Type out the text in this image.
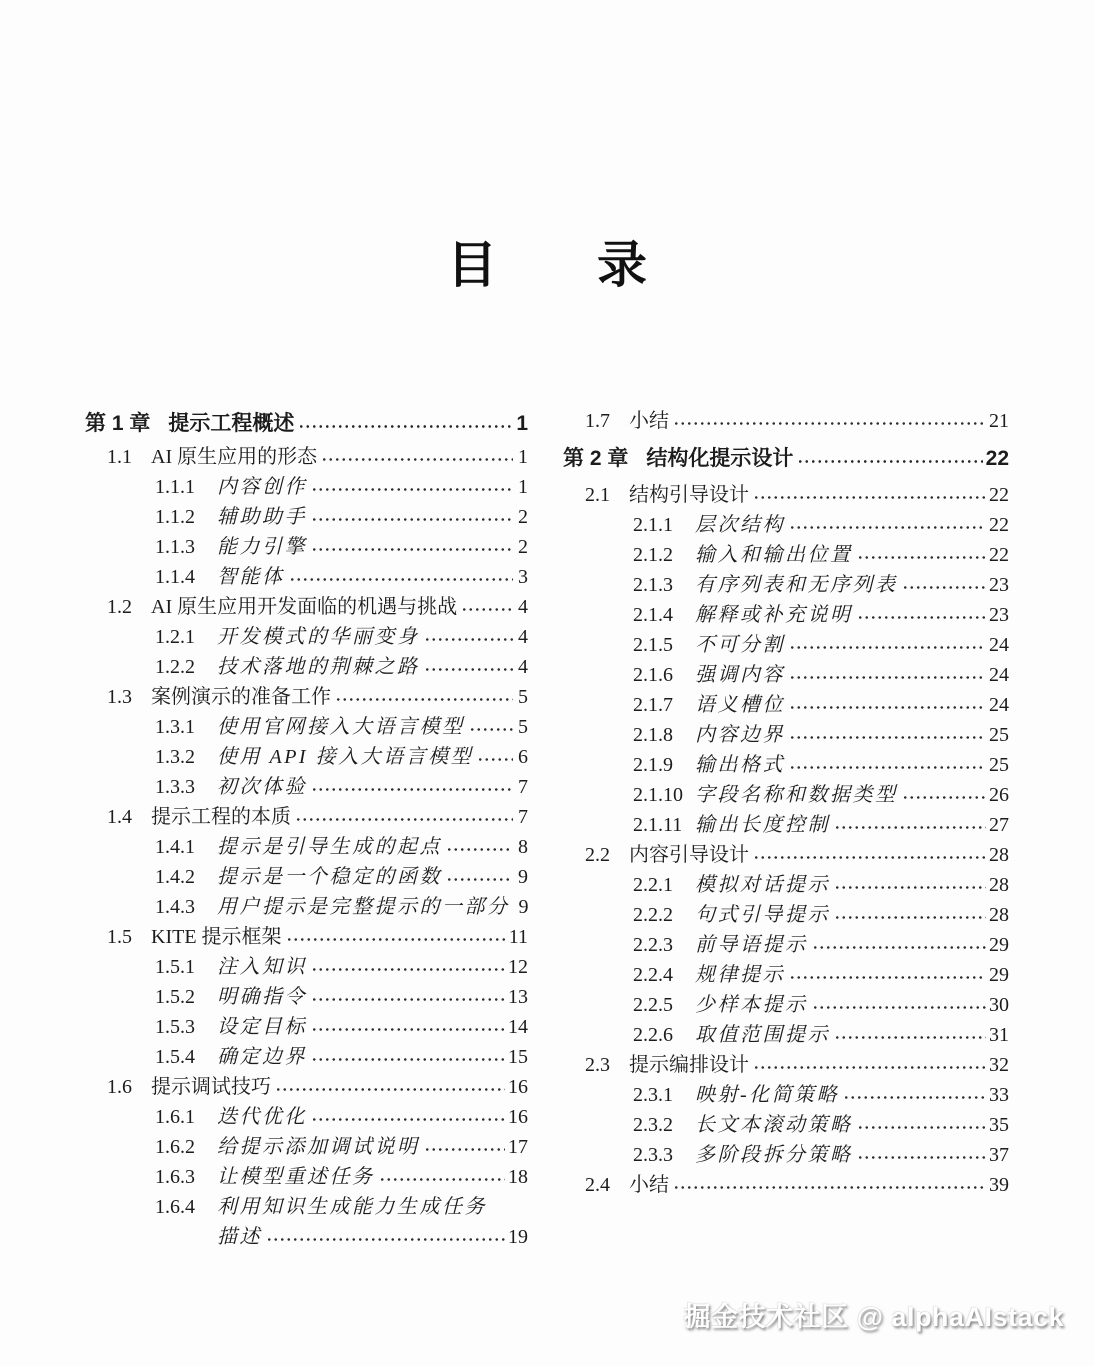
目　　录
第 1 章 提示工程概述	1
1.1 AI 原生应用的形态	1
1.1.1	内容创作	1
1.1.2	辅助助手	2
1.1.3	能力引擎	2
1.1.4	智能体	3
1.2 AI 原生应用开发面临的机遇与挑战	4
1.2.1	开发模式的华丽变身	4
1.2.2	技术落地的荆棘之路	4
1.3 案例演示的准备工作	5
1.3.1	使用官网接入大语言模型	5
1.3.2	使用 API 接入大语言模型 6
1.3.3	初次体验	7
1.4 提示工程的本质	7
1.4.1	提示是引导生成的起点	8
1.4.2	提示是一个稳定的函数	9
1.4.3	用户提示是完整提示的一部分 9
1.5 KITE 提示框架	11
1.5.1	注入知识	12
1.5.2	明确指令	13
1.5.3	设定目标	14
1.5.4	确定边界	15
1.6 提示调试技巧	16
1.6.1	迭代优化	16
1.6.2	给提示添加调试说明	17
1.6.3	让模型重述任务	18
1.6.4	利用知识生成能力生成任务
描述	19
1.7 小结	21
第 2 章 结构化提示设计	22
2.1 结构引导设计	22
2.1.1	层次结构	22
2.1.2	输入和输出位置	22
2.1.3	有序列表和无序列表	23
2.1.4	解释或补充说明	23
2.1.5	不可分割	24
2.1.6	强调内容	24
2.1.7	语义槽位	24
2.1.8	内容边界	25
2.1.9	输出格式	25
2.1.10 字段名称和数据类型	26
2.1.11 输出长度控制	27
2.2 内容引导设计	28
2.2.1	模拟对话提示	28
2.2.2	句式引导提示	28
2.2.3	前导语提示	29
2.2.4	规律提示	29
2.2.5	少样本提示	30
2.2.6	取值范围提示	31
2.3 提示编排设计	32
2.3.1	映射-化简策略	33
2.3.2	长文本滚动策略	35
2.3.3	多阶段拆分策略	37
2.4 小结	39
掘金技术社区 @ alphaAIstack
